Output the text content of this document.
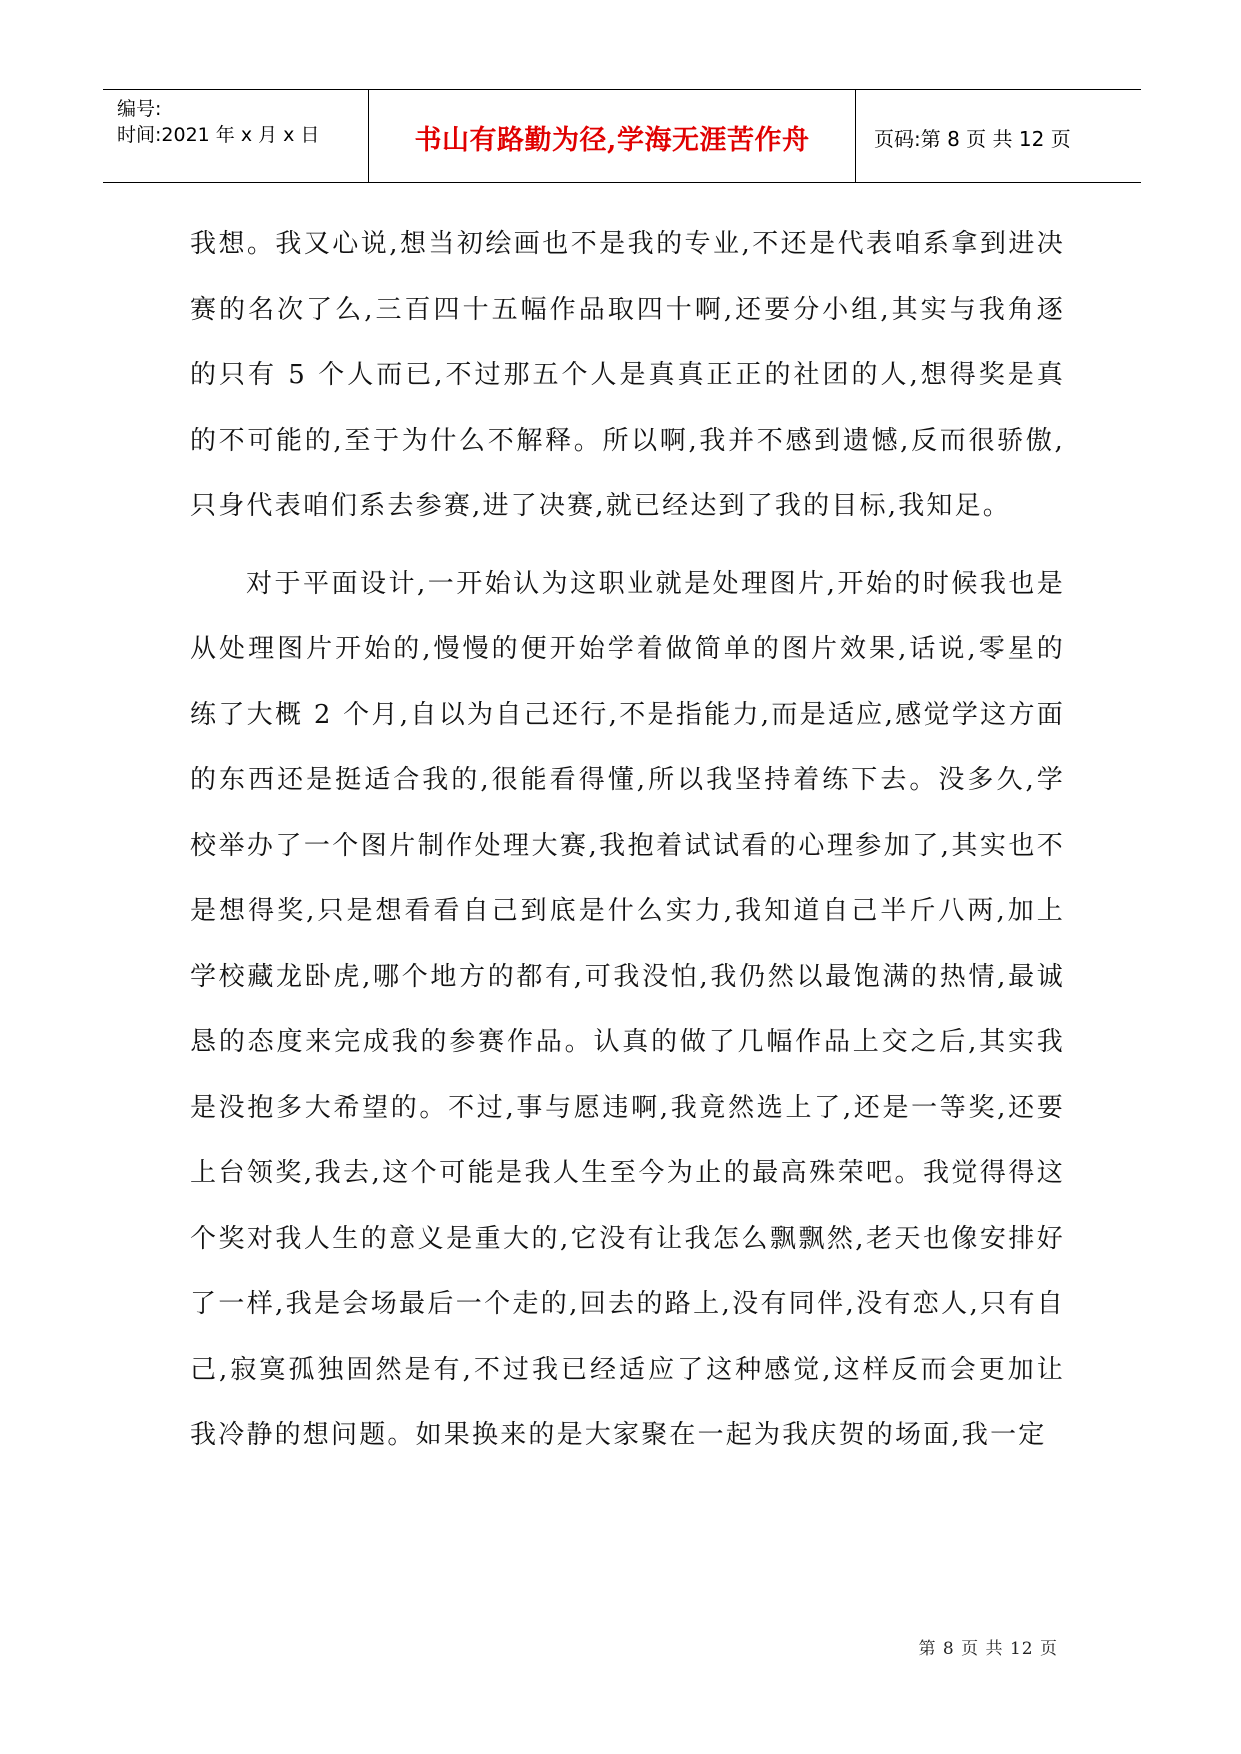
编号:
时间:2021 年 x 月 x 日	书山有路勤为径,学海无涯苦作舟	页码:第 8 页 共 12 页

我想。我又心说,想当初绘画也不是我的专业,不还是代表咱系拿到进决赛的名次了么,三百四十五幅作品取四十啊,还要分小组,其实与我角逐的只有 5 个人而已,不过那五个人是真真正正的社团的人,想得奖是真的不可能的,至于为什么不解释。所以啊,我并不感到遗憾,反而很骄傲,只身代表咱们系去参赛,进了决赛,就已经达到了我的目标,我知足。

对于平面设计,一开始认为这职业就是处理图片,开始的时候我也是从处理图片开始的,慢慢的便开始学着做简单的图片效果,话说,零星的练了大概 2 个月,自以为自己还行,不是指能力,而是适应,感觉学这方面的东西还是挺适合我的,很能看得懂,所以我坚持着练下去。没多久,学校举办了一个图片制作处理大赛,我抱着试试看的心理参加了,其实也不是想得奖,只是想看看自己到底是什么实力,我知道自己半斤八两,加上学校藏龙卧虎,哪个地方的都有,可我没怕,我仍然以最饱满的热情,最诚恳的态度来完成我的参赛作品。认真的做了几幅作品上交之后,其实我是没抱多大希望的。不过,事与愿违啊,我竟然选上了,还是一等奖,还要上台领奖,我去,这个可能是我人生至今为止的最高殊荣吧。我觉得得这个奖对我人生的意义是重大的,它没有让我怎么飘飘然,老天也像安排好了一样,我是会场最后一个走的,回去的路上,没有同伴,没有恋人,只有自己,寂寞孤独固然是有,不过我已经适应了这种感觉,这样反而会更加让我冷静的想问题。如果换来的是大家聚在一起为我庆贺的场面,我一定

第 8 页 共 12 页
